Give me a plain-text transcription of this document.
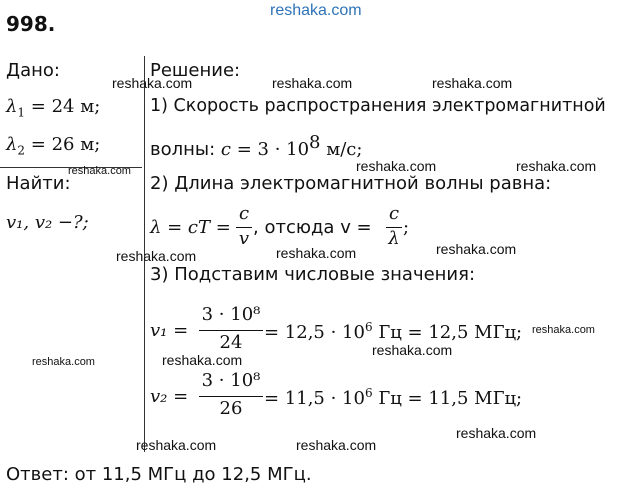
998.
reshaka.com
Дано:
$\lambda_1 = 24$ м;
$\lambda_2 = 26$ м;
Найти:
v₁, v₂ −?;
Решение:
1) Скорость распространения электромагнитной
волны: $c = 3 \cdot 10^8$ м/с;
2) Длина электромагнитной волны равна:
λ = cT =
c
v
, отсюда v =
c
λ
;
3) Подставим числовые значения:
v₁ =
3 · 10⁸
24	= $12,5 \cdot 10^6$ Гц = 12,5 МГц;
v₂ =
3 · 10⁸
26	= $11,5 \cdot 10^6$ Гц = 11,5 МГц;
Ответ: от 11,5 МГц до 12,5 МГц.
reshaka.com	reshaka.com	reshaka.com
reshaka.com	reshaka.com
reshaka.com
reshaka.com	reshaka.com	reshaka.com
reshaka.com	reshaka.com
reshaka.com
reshaka.com
reshaka.com	reshaka.com
reshaka.com
